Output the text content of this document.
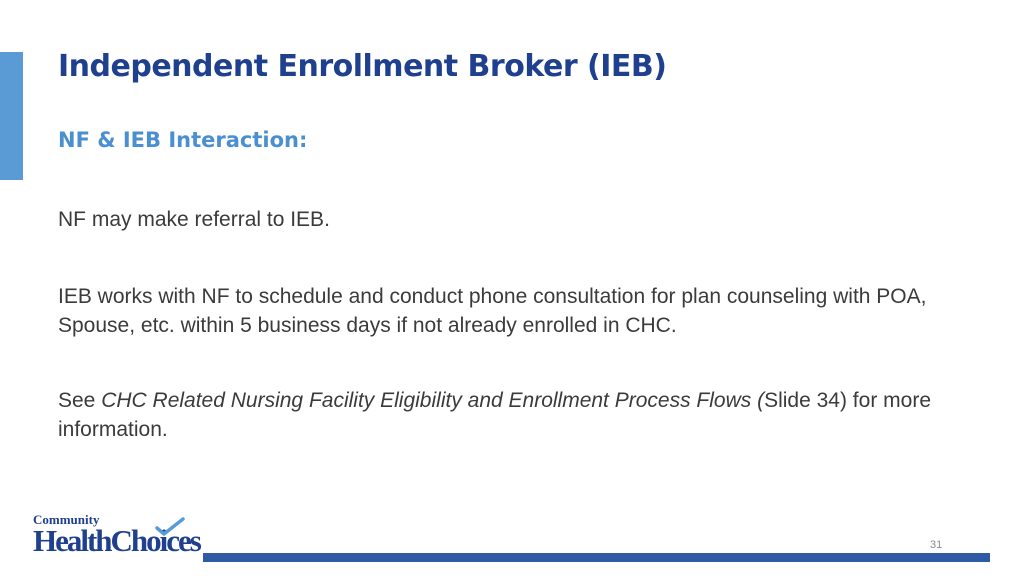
Independent Enrollment Broker (IEB)
NF & IEB Interaction:

NF may make referral to IEB.

IEB works with NF to schedule and conduct phone consultation for plan counseling with POA, Spouse, etc. within 5 business days if not already enrolled in CHC.

See CHC Related Nursing Facility Eligibility and Enrollment Process Flows (Slide 34) for more information.

Community
HealthChoices	31
